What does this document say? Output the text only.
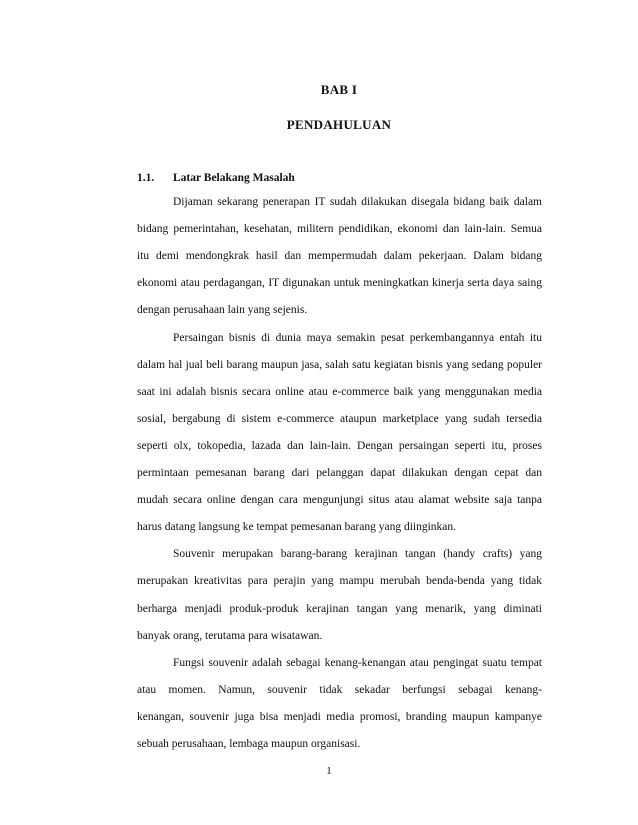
BAB I
PENDAHULUAN
1.1. Latar Belakang Masalah
Dijaman sekarang penerapan IT sudah dilakukan disegala bidang baik dalam
bidang pemerintahan, kesehatan, militern pendidikan, ekonomi dan lain-lain. Semua
itu demi mendongkrak hasil dan mempermudah dalam pekerjaan. Dalam bidang
ekonomi atau perdagangan, IT digunakan untuk meningkatkan kinerja serta daya saing
dengan perusahaan lain yang sejenis.
Persaingan bisnis di dunia maya semakin pesat perkembangannya entah itu
dalam hal jual beli barang maupun jasa, salah satu kegiatan bisnis yang sedang populer
saat ini adalah bisnis secara online atau e-commerce baik yang menggunakan media
sosial, bergabung di sistem e-commerce ataupun marketplace yang sudah tersedia
seperti olx, tokopedia, lazada dan lain-lain. Dengan persaingan seperti itu, proses
permintaan pemesanan barang dari pelanggan dapat dilakukan dengan cepat dan
mudah secara online dengan cara mengunjungi situs atau alamat website saja tanpa
harus datang langsung ke tempat pemesanan barang yang diinginkan.
Souvenir merupakan barang-barang kerajinan tangan (handy crafts) yang
merupakan kreativitas para perajin yang mampu merubah benda-benda yang tidak
berharga menjadi produk-produk kerajinan tangan yang menarik, yang diminati
banyak orang, terutama para wisatawan.
Fungsi souvenir adalah sebagai kenang-kenangan atau pengingat suatu tempat
atau momen. Namun, souvenir tidak sekadar berfungsi sebagai kenang-
kenangan, souvenir juga bisa menjadi media promosi, branding maupun kampanye
sebuah perusahaan, lembaga maupun organisasi.
1
